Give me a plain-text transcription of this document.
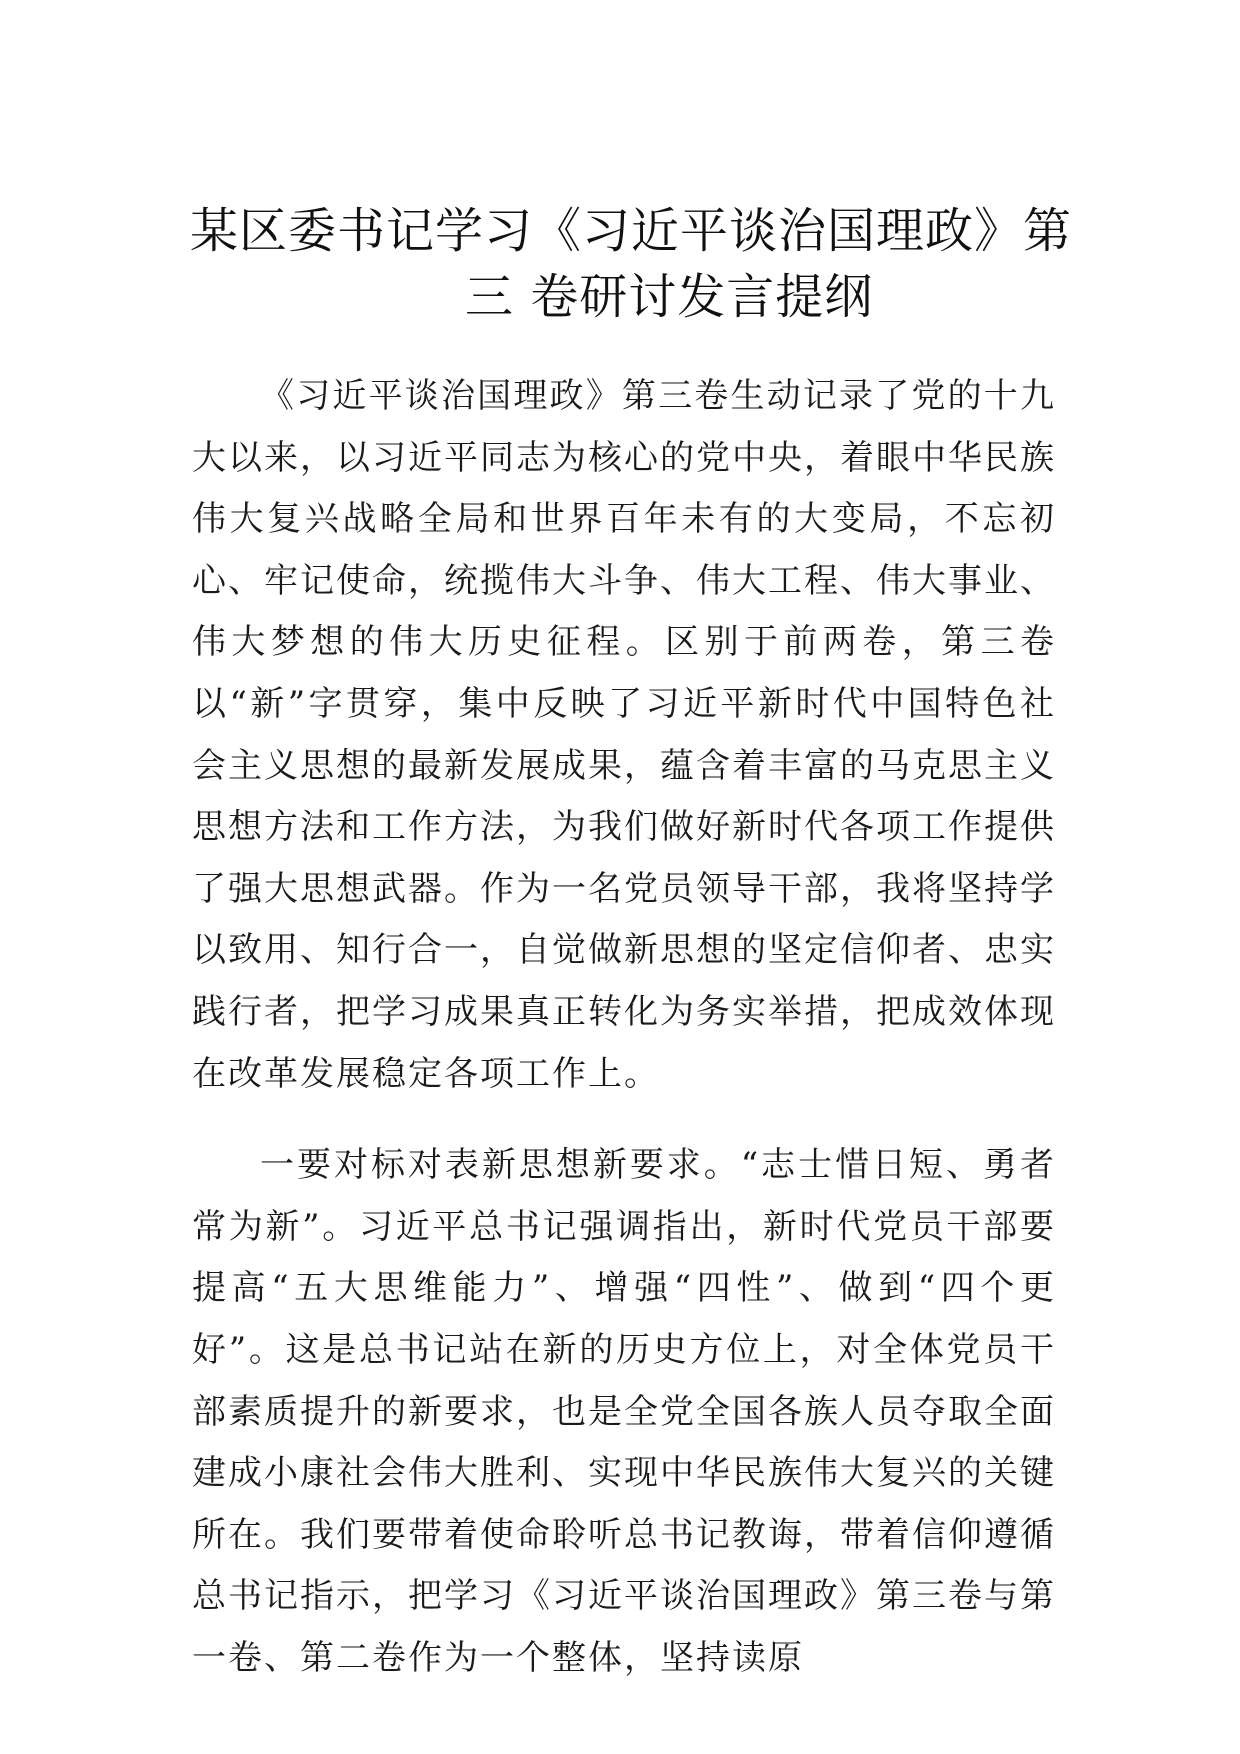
某区委书记学习《习近平谈治国理政》第
三 卷研讨发言提纲

《习近平谈治国理政》第三卷生动记录了党的十九大以来，以习近平同志为核心的党中央，着眼中华民族伟大复兴战略全局和世界百年未有的大变局，不忘初心、牢记使命，统揽伟大斗争、伟大工程、伟大事业、伟大梦想的伟大历史征程。区别于前两卷，第三卷以“新”字贯穿，集中反映了习近平新时代中国特色社会主义思想的最新发展成果，蕴含着丰富的马克思主义思想方法和工作方法，为我们做好新时代各项工作提供了强大思想武器。作为一名党员领导干部，我将坚持学以致用、知行合一，自觉做新思想的坚定信仰者、忠实践行者，把学习成果真正转化为务实举措，把成效体现在改革发展稳定各项工作上。

一要对标对表新思想新要求。“志士惜日短、勇者常为新”。习近平总书记强调指出，新时代党员干部要提高“五大思维能力”、增强“四性”、做到“四个更好”。这是总书记站在新的历史方位上，对全体党员干部素质提升的新要求，也是全党全国各族人员夺取全面建成小康社会伟大胜利、实现中华民族伟大复兴的关键所在。我们要带着使命聆听总书记教诲，带着信仰遵循总书记指示，把学习《习近平谈治国理政》第三卷与第一卷、第二卷作为一个整体，坚持读原
